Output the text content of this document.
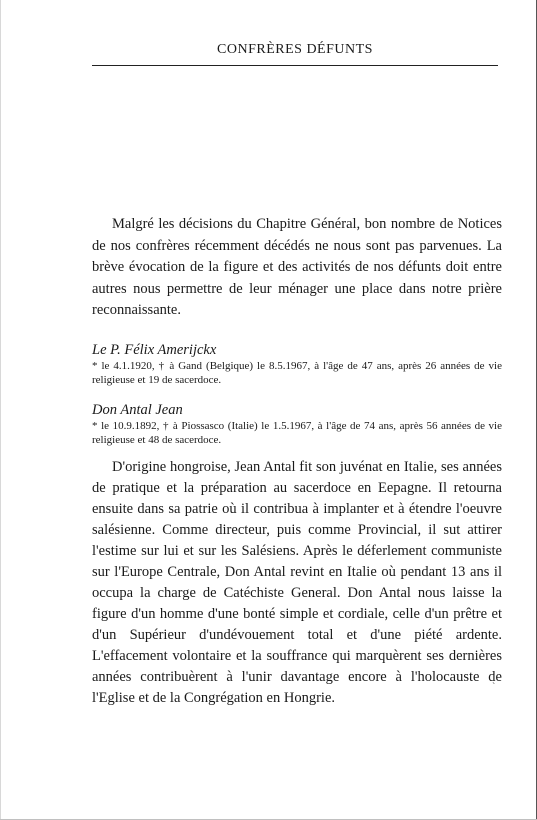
CONFRÈRES DÉFUNTS

Malgré les décisions du Chapitre Général, bon nombre de Notices de nos confrères récemment décédés ne nous sont pas parvenues. La brève évocation de la figure et des activités de nos défunts doit entre autres nous permettre de leur ménager une place dans notre prière reconnaissante.

Le P. Félix Amerijckx
* le 4.1.1920, † à Gand (Belgique) le 8.5.1967, à l'âge de 47 ans, après 26 années de vie religieuse et 19 de sacerdoce.
Don Antal Jean
* le 10.9.1892, † à Piossasco (Italie) le 1.5.1967, à l'âge de 74 ans, après 56 années de vie religieuse et 48 de sacerdoce.

D'origine hongroise, Jean Antal fit son juvénat en Italie, ses années de pratique et la préparation au sacerdoce en Eepagne. Il retourna ensuite dans sa patrie où il contribua à implanter et à étendre l'oeuvre salésienne. Comme directeur, puis comme Provincial, il sut attirer l'estime sur lui et sur les Salésiens. Après le déferlement communiste sur l'Europe Centrale, Don Antal revint en Italie où pendant 13 ans il occupa la charge de Catéchiste General. Don Antal nous laisse la figure d'un homme d'une bonté simple et cordiale, celle d'un prêtre et d'un Supérieur d'undévouement total et d'une piété ardente. L'effacement volontaire et la souffrance qui marquèrent ses dernières années contribuèrent à l'unir davantage encore à l'holocauste de l'Eglise et de la Congrégation en Hongrie.

`
